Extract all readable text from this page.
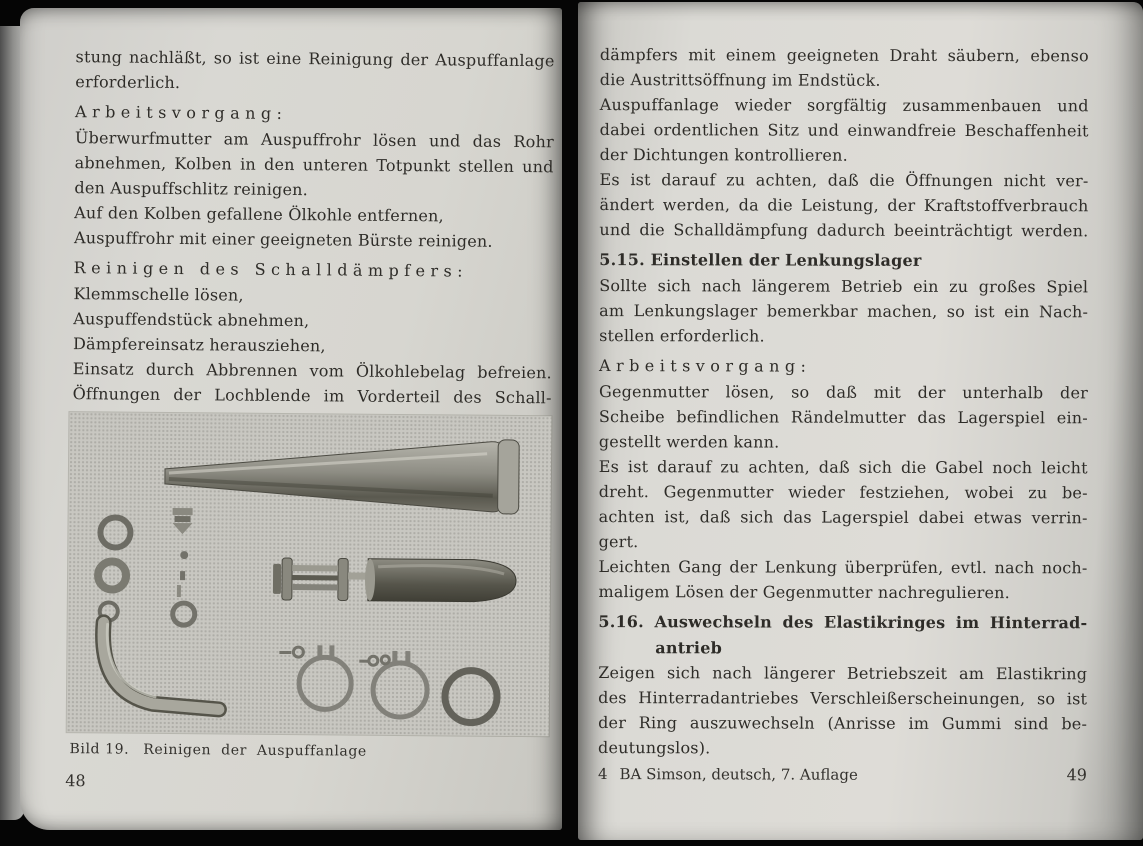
stung nachläßt, so ist eine Reinigung der Auspuffanlage
erforderlich.
Arbeitsvorgang:
Überwurfmutter am Auspuffrohr lösen und das Rohr
abnehmen, Kolben in den unteren Totpunkt stellen und
den Auspuffschlitz reinigen.
Auf den Kolben gefallene Ölkohle entfernen,
Auspuffrohr mit einer geeigneten Bürste reinigen.
Reinigen des Schalldämpfers:
Klemmschelle lösen,
Auspuffendstück abnehmen,
Dämpfereinsatz herausziehen,
Einsatz durch Abbrennen vom Ölkohlebelag befreien.
Öffnungen der Lochblende im Vorderteil des Schall-
Bild 19. Reinigen der Auspuffanlage
48
dämpfers mit einem geeigneten Draht säubern, ebenso
die Austrittsöffnung im Endstück.
Auspuffanlage wieder sorgfältig zusammenbauen und
dabei ordentlichen Sitz und einwandfreie Beschaffenheit
der Dichtungen kontrollieren.
Es ist darauf zu achten, daß die Öffnungen nicht ver-
ändert werden, da die Leistung, der Kraftstoffverbrauch
und die Schalldämpfung dadurch beeinträchtigt werden.
5.15. Einstellen der Lenkungslager
Sollte sich nach längerem Betrieb ein zu großes Spiel
am Lenkungslager bemerkbar machen, so ist ein Nach-
stellen erforderlich.
Arbeitsvorgang:
Gegenmutter lösen, so daß mit der unterhalb der
Scheibe befindlichen Rändelmutter das Lagerspiel ein-
gestellt werden kann.
Es ist darauf zu achten, daß sich die Gabel noch leicht
dreht. Gegenmutter wieder festziehen, wobei zu be-
achten ist, daß sich das Lagerspiel dabei etwas verrin-
gert.
Leichten Gang der Lenkung überprüfen, evtl. nach noch-
maligem Lösen der Gegenmutter nachregulieren.
5.16. Auswechseln des Elastikringes im Hinterrad-
antrieb
Zeigen sich nach längerer Betriebszeit am Elastikring
des Hinterradantriebes Verschleißerscheinungen, so ist
der Ring auszuwechseln (Anrisse im Gummi sind be-
deutungslos).
4 BA Simson, deutsch, 7. Auflage	49
